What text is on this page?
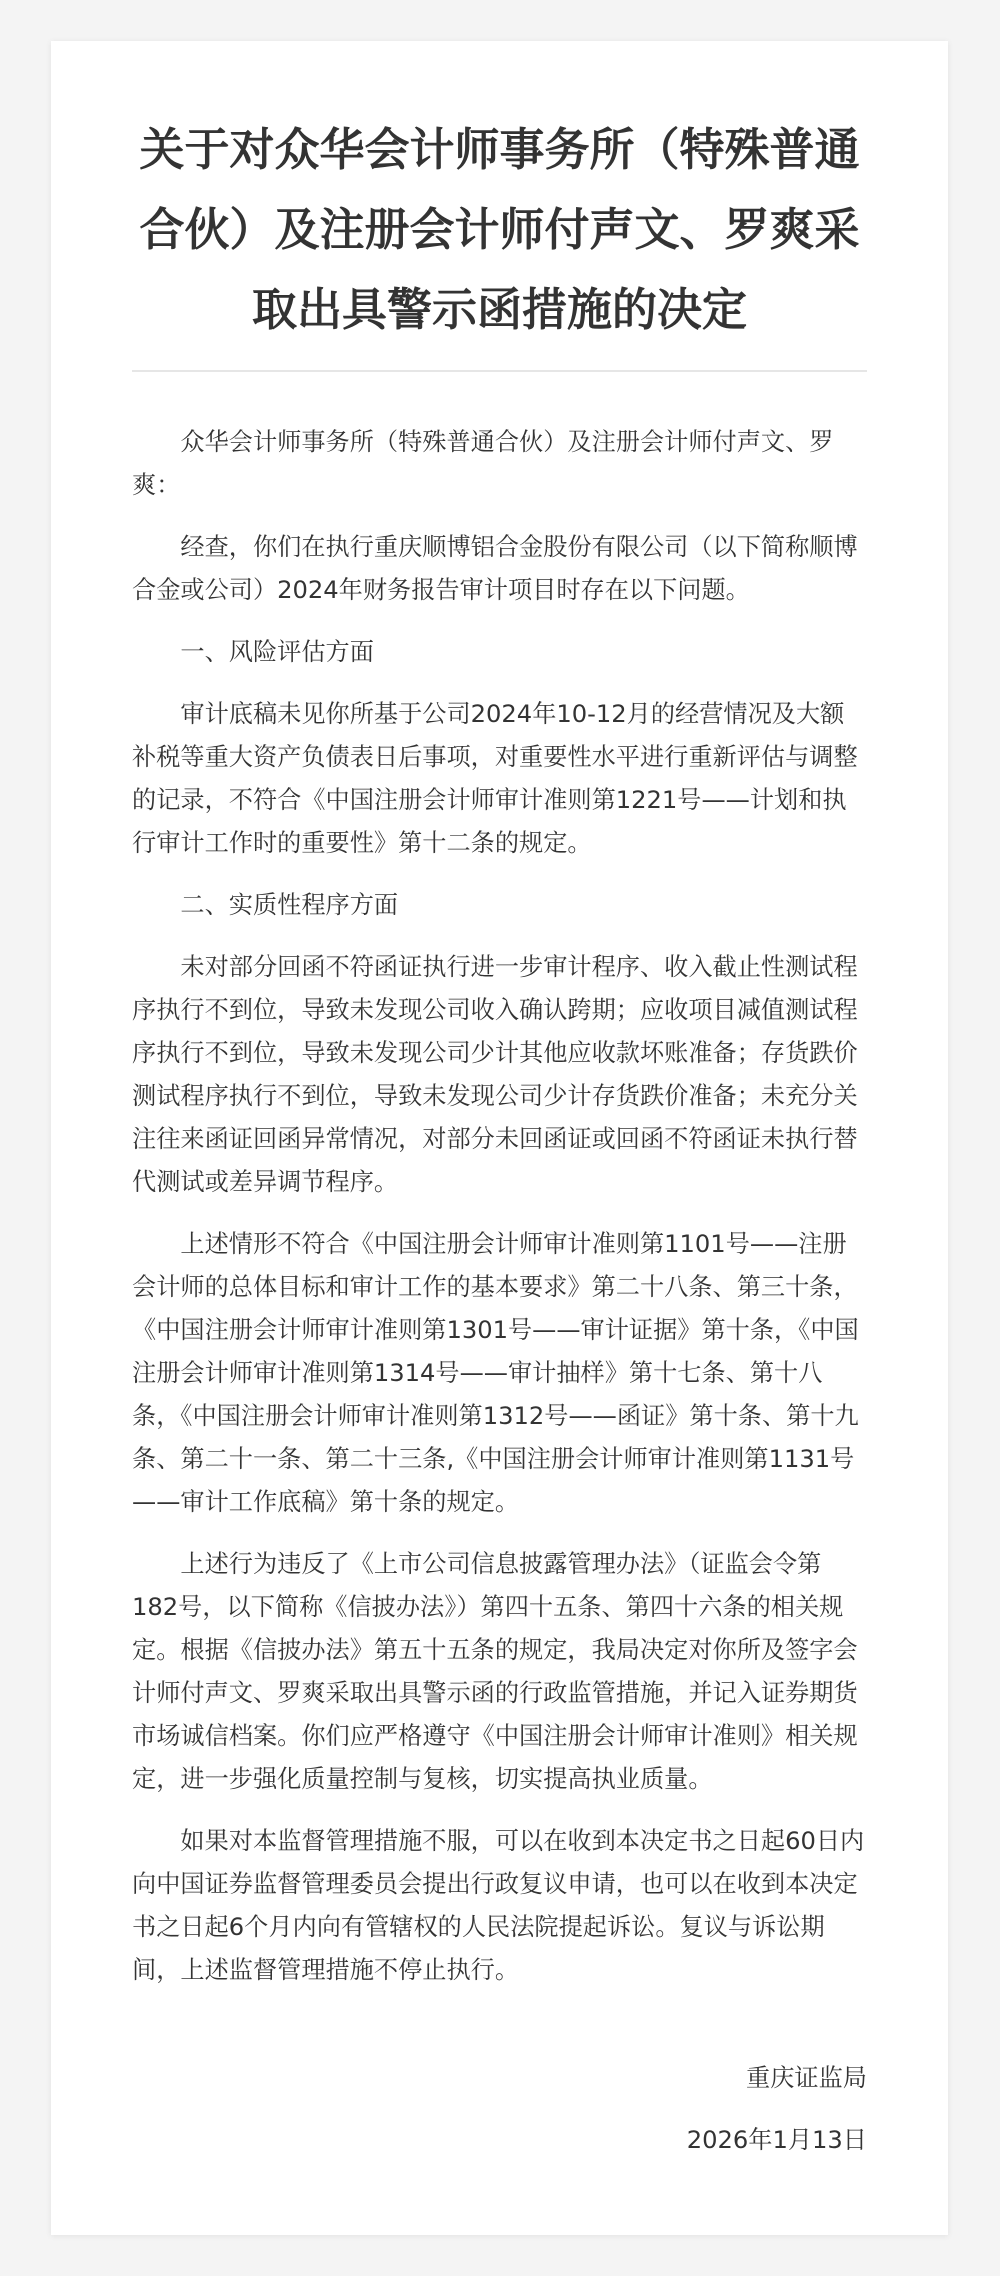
关于对众华会计师事务所（特殊普通合伙）及注册会计师付声文、罗爽采取出具警示函措施的决定

众华会计师事务所（特殊普通合伙）及注册会计师付声文、罗爽：

经查，你们在执行重庆顺博铝合金股份有限公司（以下简称顺博合金或公司）2024年财务报告审计项目时存在以下问题。

一、风险评估方面

审计底稿未见你所基于公司2024年10-12月的经营情况及大额补税等重大资产负债表日后事项，对重要性水平进行重新评估与调整的记录，不符合《中国注册会计师审计准则第1221号——计划和执行审计工作时的重要性》第十二条的规定。

二、实质性程序方面

未对部分回函不符函证执行进一步审计程序、收入截止性测试程序执行不到位，导致未发现公司收入确认跨期；应收项目减值测试程序执行不到位，导致未发现公司少计其他应收款坏账准备；存货跌价测试程序执行不到位，导致未发现公司少计存货跌价准备；未充分关注往来函证回函异常情况，对部分未回函证或回函不符函证未执行替代测试或差异调节程序。

上述情形不符合《中国注册会计师审计准则第1101号——注册会计师的总体目标和审计工作的基本要求》第二十八条、第三十条，《中国注册会计师审计准则第1301号——审计证据》第十条，《中国注册会计师审计准则第1314号——审计抽样》第十七条、第十八条，《中国注册会计师审计准则第1312号——函证》第十条、第十九条、第二十一条、第二十三条,《中国注册会计师审计准则第1131号——审计工作底稿》第十条的规定。

上述行为违反了《上市公司信息披露管理办法》（证监会令第182号，以下简称《信披办法》）第四十五条、第四十六条的相关规定。根据《信披办法》第五十五条的规定，我局决定对你所及签字会计师付声文、罗爽采取出具警示函的行政监管措施，并记入证券期货市场诚信档案。你们应严格遵守《中国注册会计师审计准则》相关规定，进一步强化质量控制与复核，切实提高执业质量。

如果对本监督管理措施不服，可以在收到本决定书之日起60日内向中国证券监督管理委员会提出行政复议申请，也可以在收到本决定书之日起6个月内向有管辖权的人民法院提起诉讼。复议与诉讼期间，上述监督管理措施不停止执行。

重庆证监局

2026年1月13日
